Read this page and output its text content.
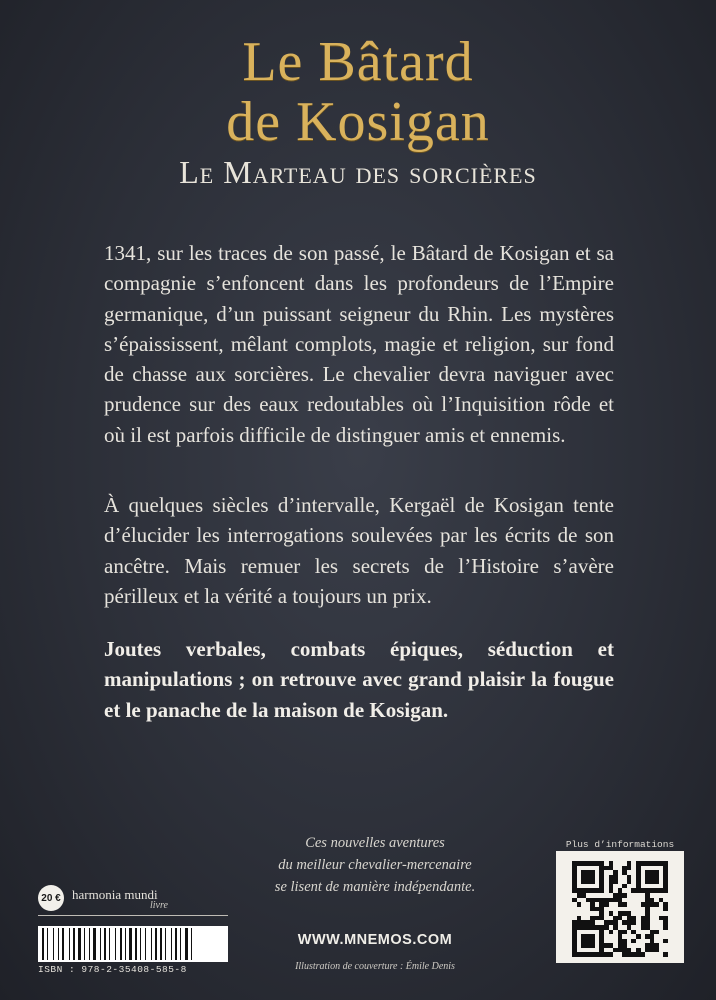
Le Bâtard
de Kosigan
Le Marteau des sorcières
1341, sur les traces de son passé, le Bâtard de Kosigan et sa compagnie s’enfoncent dans les profondeurs de l’Empire germanique, d’un puissant seigneur du Rhin. Les mystères s’épaississent, mêlant complots, magie et religion, sur fond de chasse aux sorcières. Le chevalier devra naviguer avec prudence sur des eaux redoutables où l’Inquisition rôde et où il est parfois difficile de distinguer amis et ennemis.
À quelques siècles d’intervalle, Kergaël de Kosigan tente d’élucider les interrogations soulevées par les écrits de son ancêtre. Mais remuer les secrets de l’Histoire s’avère périlleux et la vérité a toujours un prix.
Joutes verbales, combats épiques, séduction et manipulations ; on retrouve avec grand plaisir la fougue et le panache de la maison de Kosigan.
Ces nouvelles aventures
du meilleur chevalier-mercenaire
se lisent de manière indépendante.
WWW.MNEMOS.COM
Illustration de couverture : Émile Denis
20 € harmonia mundi
livre
ISBN : 978-2-35408-585-8
Plus d’informations
